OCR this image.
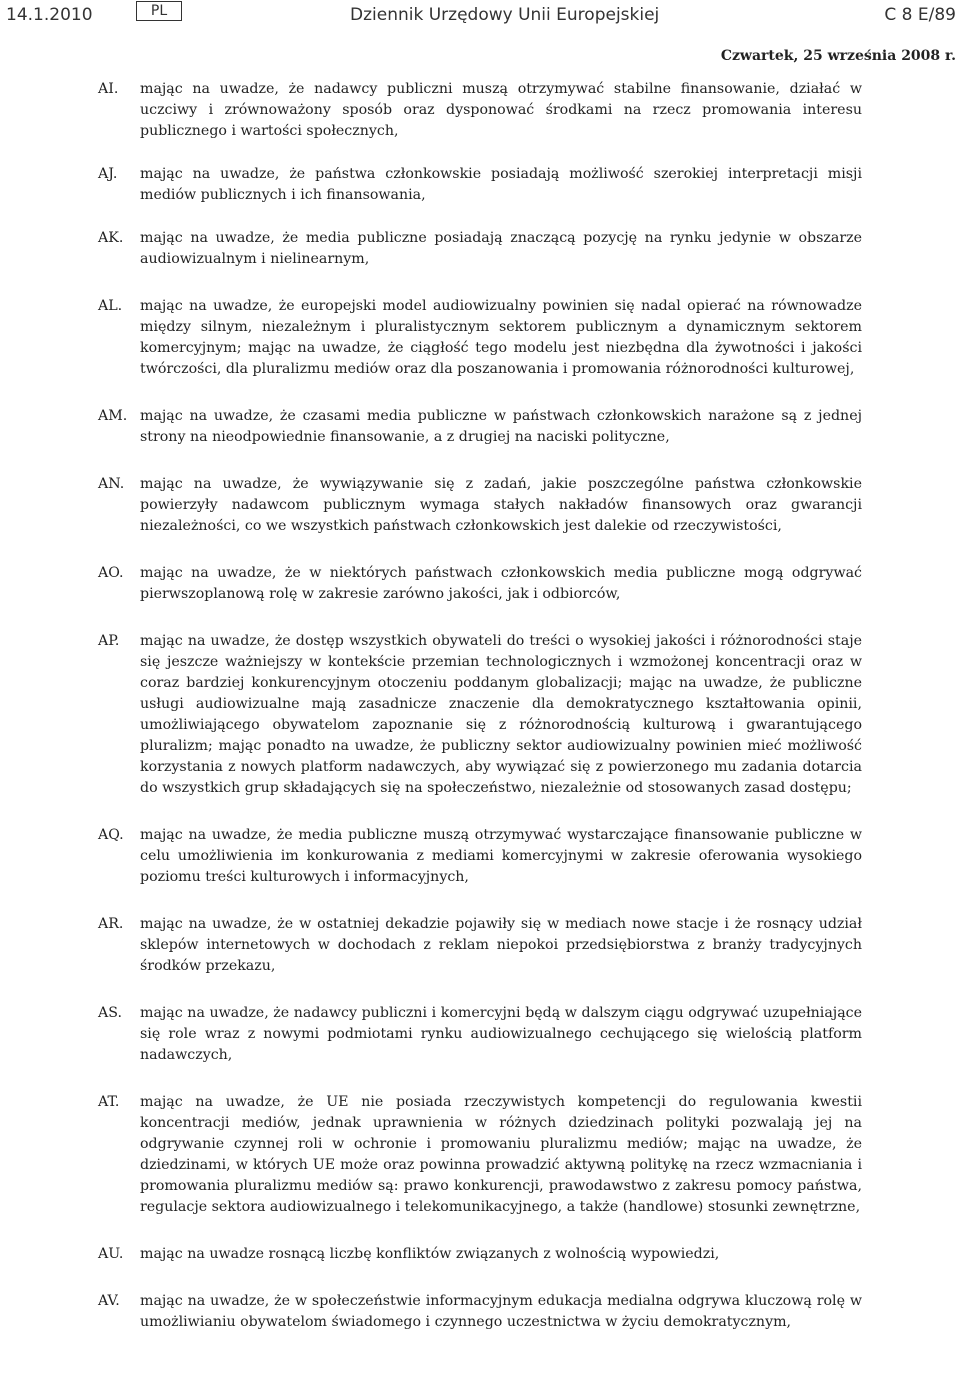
14.1.2010	PL	Dziennik Urzędowy Unii Europejskiej	C 8 E/89
Czwartek, 25 września 2008 r.
AI.	mając na uwadze, że nadawcy publiczni muszą otrzymywać stabilne finansowanie, działać w uczciwy i zrównoważony sposób oraz dysponować środkami na rzecz promowania interesu publicznego i wartości społecznych,
AJ.	mając na uwadze, że państwa członkowskie posiadają możliwość szerokiej interpretacji misji mediów publicznych i ich finansowania,
AK.	mając na uwadze, że media publiczne posiadają znaczącą pozycję na rynku jedynie w obszarze audiowizualnym i nielinearnym,
AL.	mając na uwadze, że europejski model audiowizualny powinien się nadal opierać na równowadze między silnym, niezależnym i pluralistycznym sektorem publicznym a dynamicznym sektorem komercyjnym; mając na uwadze, że ciągłość tego modelu jest niezbędna dla żywotności i jakości twórczości, dla pluralizmu mediów oraz dla poszanowania i promowania różnorodności kulturowej,
AM. mając na uwadze, że czasami media publiczne w państwach członkowskich narażone są z jednej strony na nieodpowiednie finansowanie, a z drugiej na naciski polityczne,
AN.	mając na uwadze, że wywiązywanie się z zadań, jakie poszczególne państwa członkowskie powierzyły nadawcom publicznym wymaga stałych nakładów finansowych oraz gwarancji niezależności, co we wszystkich państwach członkowskich jest dalekie od rzeczywistości,
AO.	mając na uwadze, że w niektórych państwach członkowskich media publiczne mogą odgrywać pierwszoplanową rolę w zakresie zarówno jakości, jak i odbiorców,
AP.	mając na uwadze, że dostęp wszystkich obywateli do treści o wysokiej jakości i różnorodności staje się jeszcze ważniejszy w kontekście przemian technologicznych i wzmożonej koncentracji oraz w coraz bardziej konkurencyjnym otoczeniu poddanym globalizacji; mając na uwadze, że publiczne usługi audiowizualne mają zasadnicze znaczenie dla demokratycznego kształtowania opinii, umożliwiającego obywatelom zapoznanie się z różnorodnością kulturową i gwarantującego pluralizm; mając ponadto na uwadze, że publiczny sektor audiowizualny powinien mieć możliwość korzystania z nowych platform nadawczych, aby wywiązać się z powierzonego mu zadania dotarcia do wszystkich grup składających się na społeczeństwo, niezależnie od stosowanych zasad dostępu;
AQ.	mając na uwadze, że media publiczne muszą otrzymywać wystarczające finansowanie publiczne w celu umożliwienia im konkurowania z mediami komercyjnymi w zakresie oferowania wysokiego poziomu treści kulturowych i informacyjnych,
AR.	mając na uwadze, że w ostatniej dekadzie pojawiły się w mediach nowe stacje i że rosnący udział sklepów internetowych w dochodach z reklam niepokoi przedsiębiorstwa z branży tradycyjnych środków przekazu,
AS.	mając na uwadze, że nadawcy publiczni i komercyjni będą w dalszym ciągu odgrywać uzupełniające się role wraz z nowymi podmiotami rynku audiowizualnego cechującego się wielością platform nadawczych,
AT.	mając na uwadze, że UE nie posiada rzeczywistych kompetencji do regulowania kwestii koncentracji mediów, jednak uprawnienia w różnych dziedzinach polityki pozwalają jej na odgrywanie czynnej roli w ochronie i promowaniu pluralizmu mediów; mając na uwadze, że dziedzinami, w których UE może oraz powinna prowadzić aktywną politykę na rzecz wzmacniania i promowania pluralizmu mediów są: prawo konkurencji, prawodawstwo z zakresu pomocy państwa, regulacje sektora audiowizualnego i telekomunikacyjnego, a także (handlowe) stosunki zewnętrzne,
AU.	mając na uwadze rosnącą liczbę konfliktów związanych z wolnością wypowiedzi,
AV.	mając na uwadze, że w społeczeństwie informacyjnym edukacja medialna odgrywa kluczową rolę w umożliwianiu obywatelom świadomego i czynnego uczestnictwa w życiu demokratycznym,
